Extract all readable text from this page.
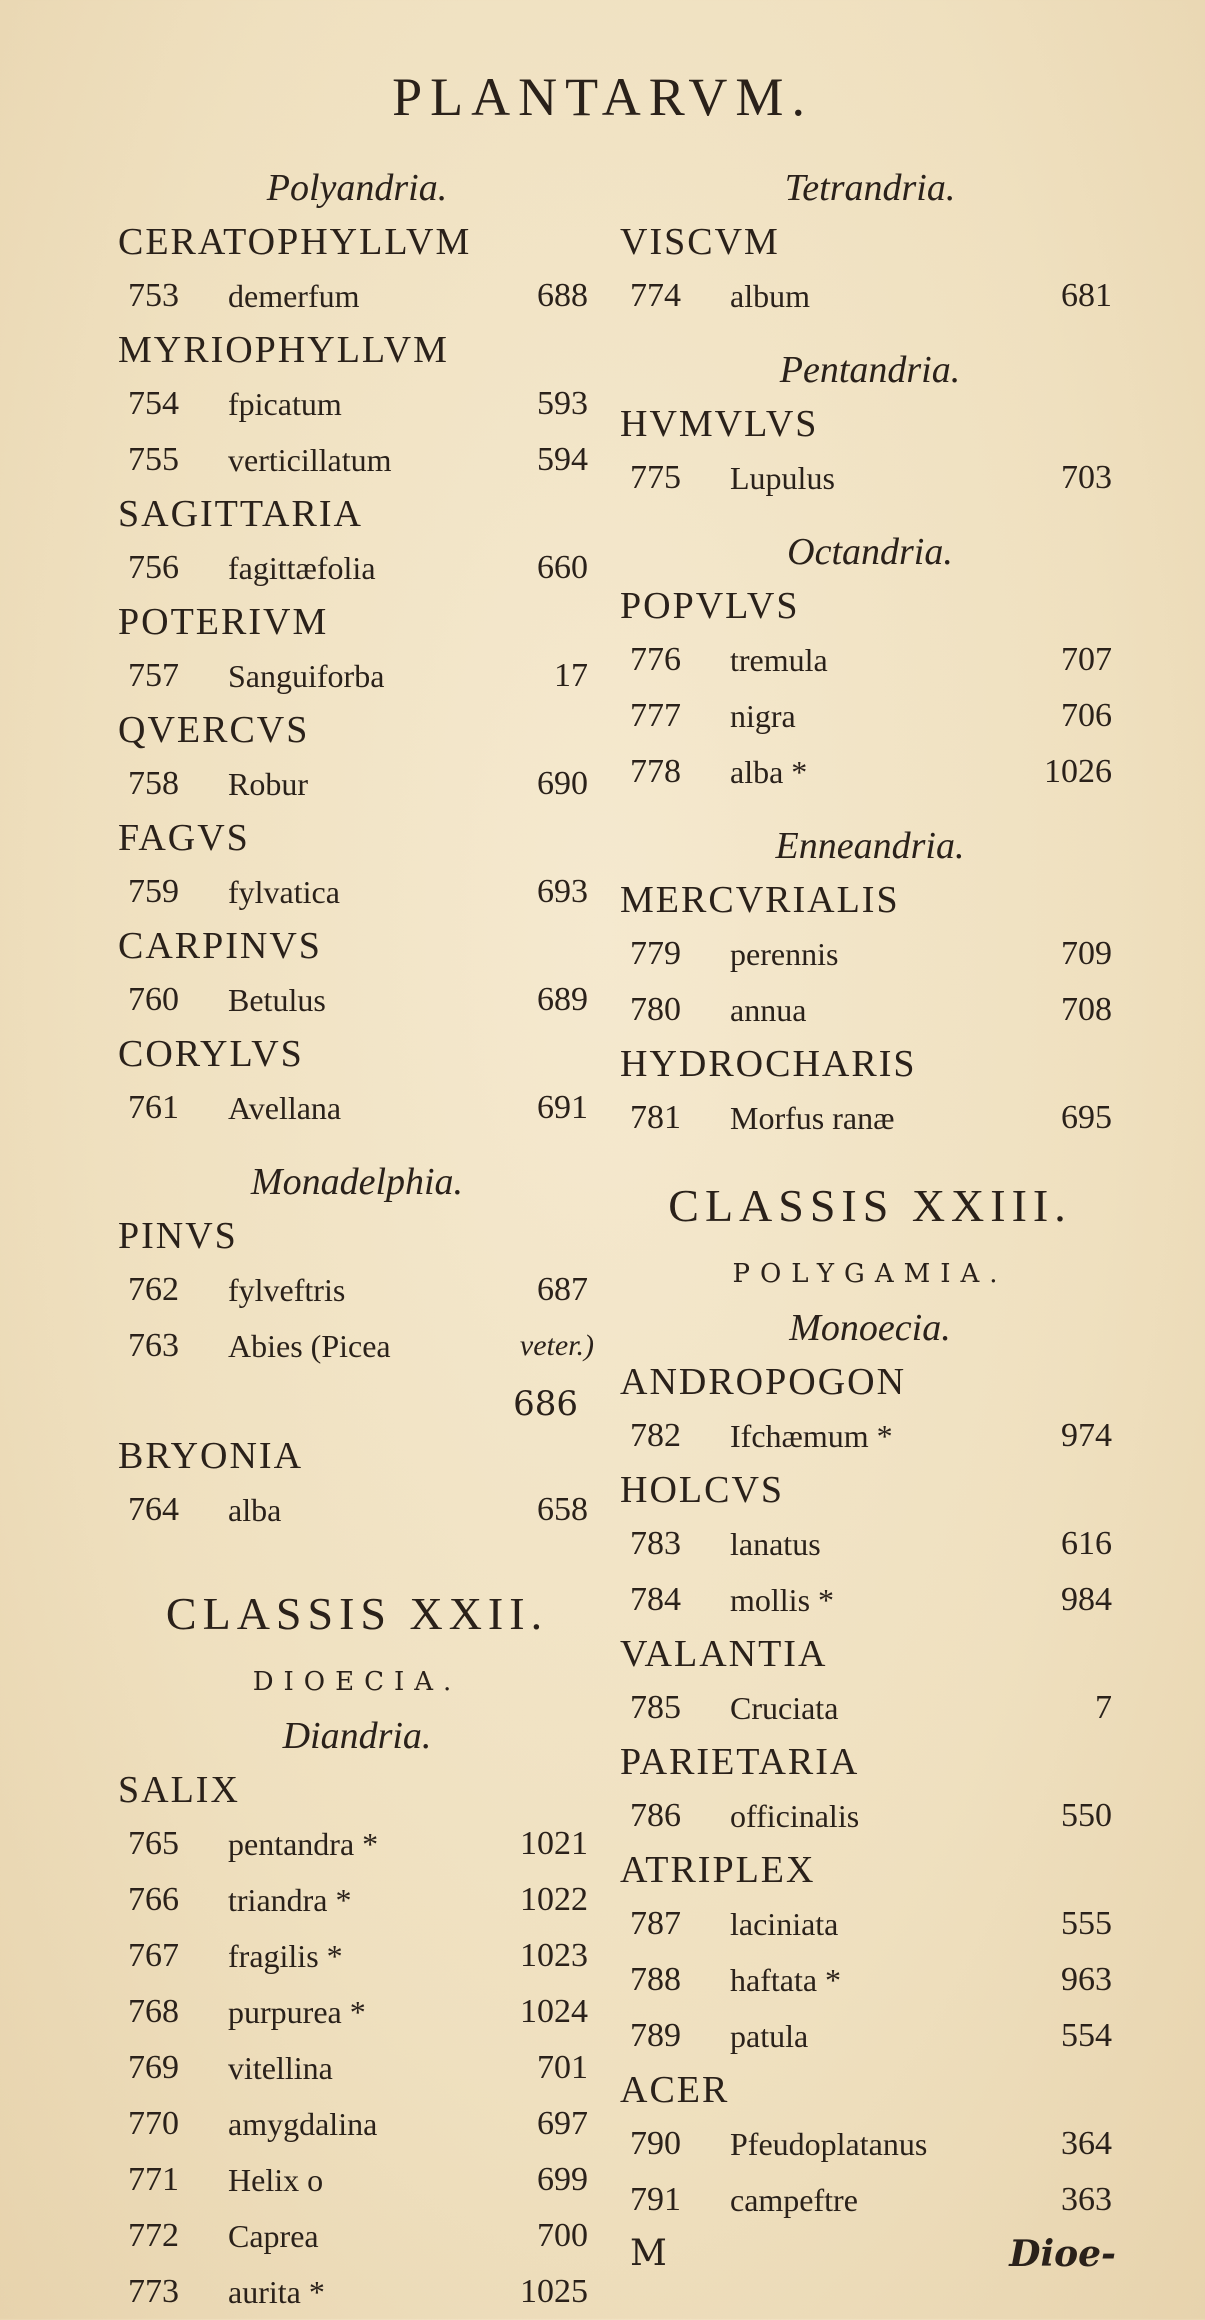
PLANTARVM.
Polyandria.
CERATOPHYLLVM
753 demerfum	688
MYRIOPHYLLVM
754 fpicatum	593
755 verticillatum	594
SAGITTARIA
756 fagittæfolia	660
POTERIVM
757 Sanguiforba	17
QVERCVS
758 Robur	690
FAGVS
759 fylvatica	693
CARPINVS
760 Betulus	689
CORYLVS
761 Avellana	691
Monadelphia.
PINVS
762 fylveftris	687
763 Abies (Picea	veter.)
686
BRYONIA
764 alba	658
CLASSIS XXII.
DIOECIA.
Diandria.
SALIX
765 pentandra *	1021
766 triandra *	1022
767 fragilis *	1023
768 purpurea *	1024
769 vitellina	701
770 amygdalina	697
771 Helix o	699
772 Caprea	700
773 aurita *	1025
Tetrandria.
VISCVM
774 album	681
Pentandria.
HVMVLVS
775 Lupulus	703
Octandria.
POPVLVS
776 tremula	707
777 nigra	706
778 alba *	1026
Enneandria.
MERCVRIALIS
779 perennis	709
780 annua	708
HYDROCHARIS
781 Morfus ranæ	695
CLASSIS XXIII.
POLYGAMIA.
Monoecia.
ANDROPOGON
782 Ifchæmum *	974
HOLCVS
783 lanatus	616
784 mollis *	984
VALANTIA
785 Cruciata	7
PARIETARIA
786 officinalis	550
ATRIPLEX
787 laciniata	555
788 haftata *	963
789 patula	554
ACER
790 Pfeudoplatanus	364
791 campeftre	363
M	Dioe-
